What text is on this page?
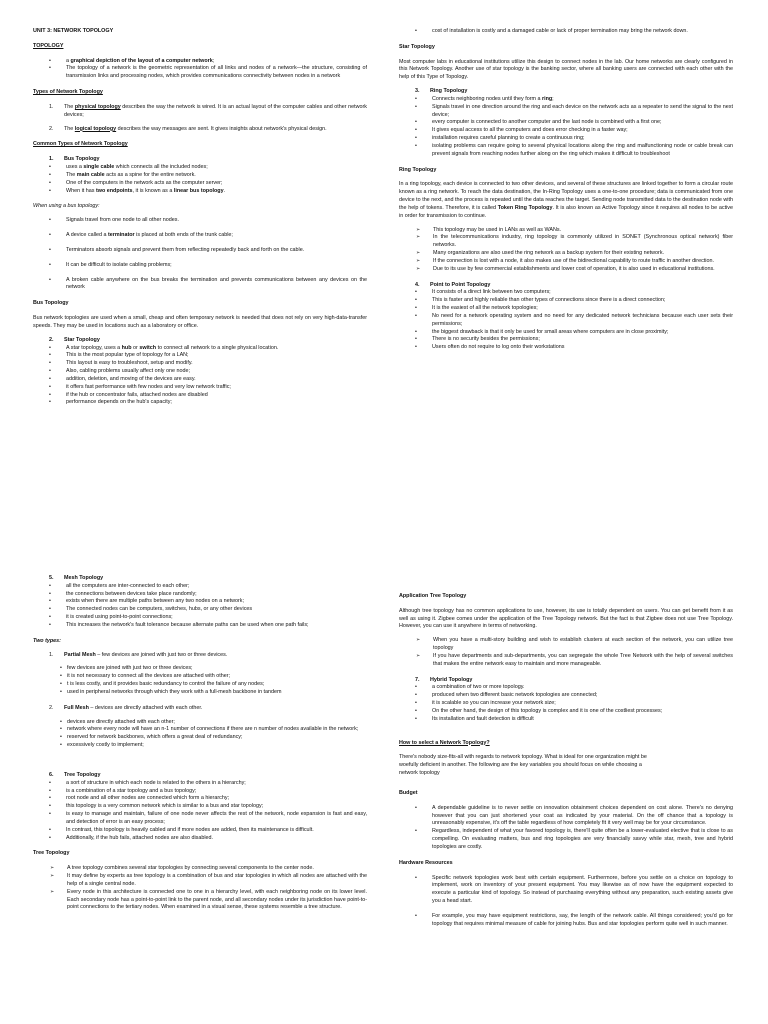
UNIT 3: NETWORK TOPOLOGY
TOPOLOGY
• a graphical depiction of the layout of a computer network;
• The topology of a network is the geometric representation of all links and nodes of a network—the structure, consisting of transmission links and processing nodes, which provides communications connectivity between nodes in a network
Types of Network Topology
1. The physical topology describes the way the network is wired. It is an actual layout of the computer cables and other network devices;
2. The logical topology describes the way messages are sent. It gives insights about network's physical design.
Common Types of Network Topology
1. Bus Topology
• uses a single cable which connects all the included nodes;
• The main cable acts as a spine for the entire network.
• One of the computers in the network acts as the computer server;
• When it has two endpoints, it is known as a linear bus topology.
When using a bus topology:
• Signals travel from one node to all other nodes.
• A device called a terminator is placed at both ends of the trunk cable;
• Terminators absorb signals and prevent them from reflecting repeatedly back and forth on the cable.
• It can be difficult to isolate cabling problems;
• A broken cable anywhere on the bus breaks the termination and prevents communications between any devices on the network
Bus Topology
Bus network topologies are used when a small, cheap and often temporary network is needed that does not rely on very high-data-transfer speeds. They may be used in locations such as a laboratory or office.
2. Star Topology
• A star topology, uses a hub or switch to connect all network to a single physical location.
• This is the most popular type of topology for a LAN;
• This layout is easy to troubleshoot, setup and modify.
• Also, cabling problems usually affect only one node;
• addition, deletion, and moving of the devices are easy.
• it offers fast performance with few nodes and very low network traffic;
• if the hub or concentrator fails, attached nodes are disabled
• performance depends on the hub's capacity;
• cost of installation is costly and a damaged cable or lack of proper termination may bring the network down.
Star Topology
Most computer labs in educational institutions utilize this design to connect nodes in the lab. Our home networks are clearly configured in this Network Topology. Another use of star topology is the banking sector, where all banking users are connected with each other with the help of this Type of Topology.
3. Ring Topology
• Connects neighboring nodes until they form a ring;
• Signals travel in one direction around the ring and each device on the network acts as a repeater to send the signal to the next device;
• every computer is connected to another computer and the last node is combined with a first one;
• It gives equal access to all the computers and does error checking in a faster way;
• installation requires careful planning to create a continuous ring;
• isolating problems can require going to several physical locations along the ring and malfunctioning node or cable break can prevent signals from reaching nodes further along on the ring which makes it difficult to troubleshoot
Ring Topology
In a ring topology, each device is connected to two other devices, and several of these structures are linked together to form a circular route known as a ring network. To reach the data destination, the In-Ring Topology uses a one-to-one procedure; data is communicated from one device to the next, and the process is repeated until the data reaches the target. Sending node transmitted data to the destination node with the help of tokens. Therefore, it is called Token Ring Topology. It is also known as Active Topology since it requires all nodes to be active in order for transmission to continue.
➢ This topology may be used in LANs as well as WANs.
➢ In the telecommunications industry, ring topology is commonly utilized in SONET (Synchronous optical network) fiber networks.
➢ Many organizations are also used the ring network as a backup system for their existing network.
➢ If the connection is lost with a node, it also makes use of the bidirectional capability to route traffic in another direction.
➢ Due to its use by few commercial establishments and lower cost of operation, it is also used in educational institutions.
4. Point to Point Topology
• It consists of a direct link between two computers;
• This is faster and highly reliable than other types of connections since there is a direct connection;
• It is the easiest of all the network topologies;
• No need for a network operating system and no need for any dedicated network technicians because each user sets their permissions;
• the biggest drawback is that it only be used for small areas where computers are in close proximity;
• There is no security besides the permissions;
• Users often do not require to log onto their workstations
5. Mesh Topology
• all the computers are inter-connected to each other;
• the connections between devices take place randomly;
• exists when there are multiple paths between any two nodes on a network;
• The connected nodes can be computers, switches, hubs, or any other devices
• it is created using point-to-point connections;
• This increases the network's fault tolerance because alternate paths can be used when one path fails;
Two types:
1. Partial Mesh – few devices are joined with just two or three devices.
• few devices are joined with just two or three devices;
• it is not necessary to connect all the devices are attached with other;
• t is less costly, and it provides basic redundancy to control the failure of any nodes;
• used in peripheral networks through which they work with a full-mesh backbone in tandem
2. Full Mesh – devices are directly attached with each other.
• devices are directly attached with each other;
• network where every node will have an n-1 number of connections if there are n number of nodes available in the network;
• reserved for network backbones, which offers a great deal of redundancy;
• excessively costly to implement;
6. Tree Topology
• a sort of structure in which each node is related to the others in a hierarchy;
• is a combination of a star topology and a bus topology;
• root node and all other nodes are connected which form a hierarchy;
• this topology is a very common network which is similar to a bus and star topology;
• is easy to manage and maintain, failure of one node never affects the rest of the network, node expansion is fast and easy, and detection of error is an easy process;
• In contrast, this topology is heavily cabled and if more nodes are added, then its maintenance is difficult.
• Additionally, if the hub fails, attached nodes are also disabled.
Tree Topology
➢ A tree topology combines several star topologies by connecting several components to the center node.
➢ It may define by experts as tree topology is a combination of bus and star topologies in which all nodes are attached with the help of a single central node.
➢ Every node in this architecture is connected one to one in a hierarchy level, with each neighboring node on its lower level. Each secondary node has a point-to-point link to the parent node, and all secondary nodes under its jurisdiction have point-to-point connections to the tertiary nodes. When examined in a visual sense, these systems resemble a tree structure.
Application Tree Topology
Although tree topology has no common applications to use, however, its use is totally dependent on users. You can get benefit from it as well as using it. Zigbee comes under the application of the Tree Topology network. But the fact is that Zigbee does not use Tree Topology. However, you can use it anywhere in terms of networking.
➢ When you have a multi-story building and wish to establish clusters at each section of the network, you can utilize tree topology
➢ If you have departments and sub-departments, you can segregate the whole Tree Network with the help of several switches that makes the entire network easy to maintain and more manageable.
7. Hybrid Topology
• a combination of two or more topology.
• produced when two different basic network topologies are connected;
• it is scalable so you can increase your network size;
• On the other hand, the design of this topology is complex and it is one of the costliest processes;
• Its installation and fault detection is difficult
How to select a Network Topology?
There's nobody size-fits-all with regards to network topology. What is ideal for one organization might be woefully deficient in another. The following are the key variables you should focus on while choosing a network topology
Budget
• A dependable guideline is to never settle on innovation obtainment choices dependent on cost alone. There's no denying however that you can just shortened your coat as indicated by your material. On the off chance that a topology is unreasonably expensive, it's off the table regardless of how completely fit it very well may be for your circumstance.
• Regardless, independent of what your favored topology is, there'll quite often be a lower-evaluated elective that is close to as compelling. On evaluating matters, bus and ring topologies are very financially savvy while star, mesh, tree and hybrid topologies are costly.
Hardware Resources
• Specific network topologies work best with certain equipment. Furthermore, before you settle on a choice on topology to implement, work on inventory of your present equipment. You may likewise as of now have the equipment expected to execute a particular kind of topology. So instead of purchasing everything without any preparation, such existing assets give you a head start.
• For example, you may have equipment restrictions, say, the length of the network cable. All things considered; you'd go for topology that requires minimal measure of cable for joining hubs. Bus and star topologies perform quite well in such manner.
